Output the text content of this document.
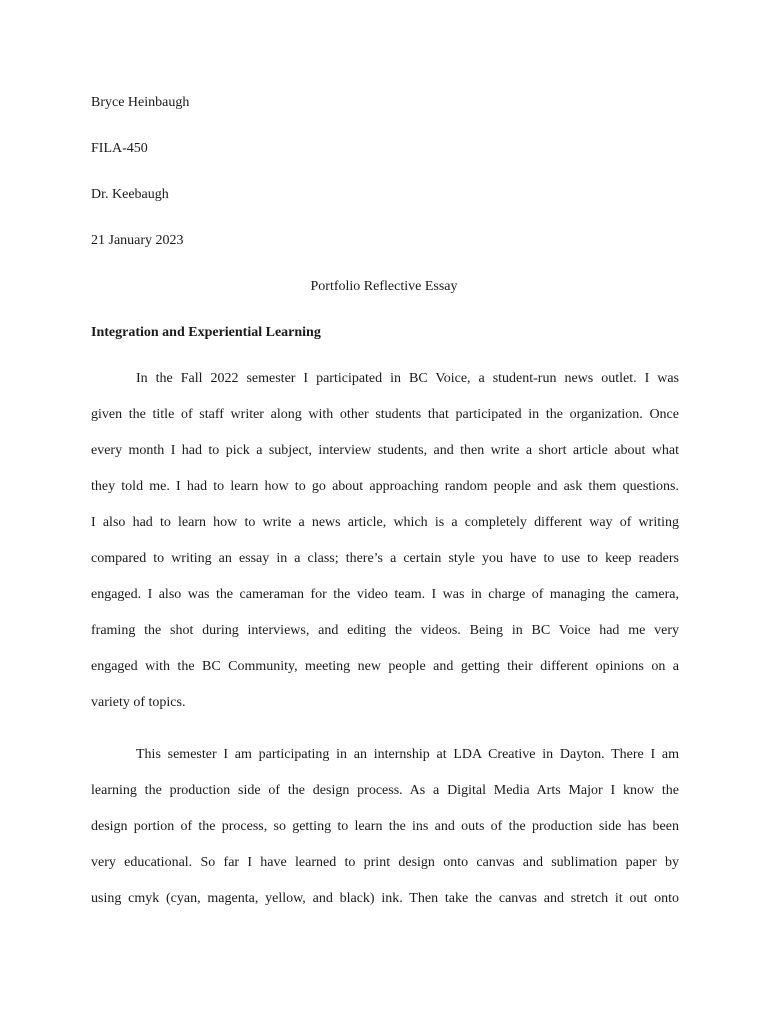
Bryce Heinbaugh
FILA-450
Dr. Keebaugh
21 January 2023
Portfolio Reflective Essay
Integration and Experiential Learning
In the Fall 2022 semester I participated in BC Voice, a student-run news outlet. I was
given the title of staff writer along with other students that participated in the organization. Once
every month I had to pick a subject, interview students, and then write a short article about what
they told me. I had to learn how to go about approaching random people and ask them questions.
I also had to learn how to write a news article, which is a completely different way of writing
compared to writing an essay in a class; there’s a certain style you have to use to keep readers
engaged. I also was the cameraman for the video team. I was in charge of managing the camera,
framing the shot during interviews, and editing the videos. Being in BC Voice had me very
engaged with the BC Community, meeting new people and getting their different opinions on a
variety of topics.
This semester I am participating in an internship at LDA Creative in Dayton. There I am
learning the production side of the design process. As a Digital Media Arts Major I know the
design portion of the process, so getting to learn the ins and outs of the production side has been
very educational. So far I have learned to print design onto canvas and sublimation paper by
using cmyk (cyan, magenta, yellow, and black) ink. Then take the canvas and stretch it out onto
